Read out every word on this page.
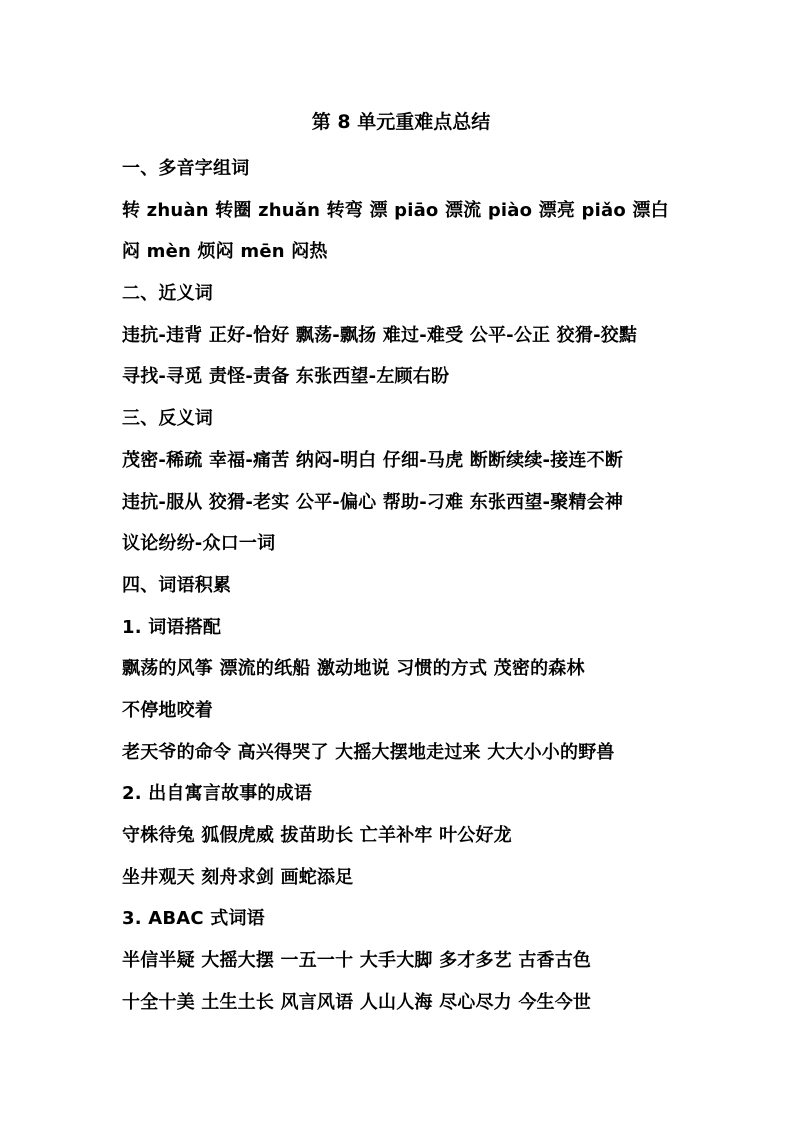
第 8 单元重难点总结
一、多音字组词
转 zhuàn 转圈 zhuǎn 转弯 漂 piāo 漂流 piào 漂亮 piǎo 漂白
闷 mèn 烦闷 mēn 闷热
二、近义词
违抗-违背 正好-恰好 飘荡-飘扬 难过-难受 公平-公正 狡猾-狡黠
寻找-寻觅 责怪-责备 东张西望-左顾右盼
三、反义词
茂密-稀疏 幸福-痛苦 纳闷-明白 仔细-马虎 断断续续-接连不断
违抗-服从 狡猾-老实 公平-偏心 帮助-刁难 东张西望-聚精会神
议论纷纷-众口一词
四、词语积累
1. 词语搭配
飘荡的风筝 漂流的纸船 激动地说 习惯的方式 茂密的森林
不停地咬着
老天爷的命令 高兴得哭了 大摇大摆地走过来 大大小小的野兽
2. 出自寓言故事的成语
守株待兔 狐假虎威 拔苗助长 亡羊补牢 叶公好龙
坐井观天 刻舟求剑 画蛇添足
3. ABAC 式词语
半信半疑 大摇大摆 一五一十 大手大脚 多才多艺 古香古色
十全十美 土生土长 风言风语 人山人海 尽心尽力 今生今世
